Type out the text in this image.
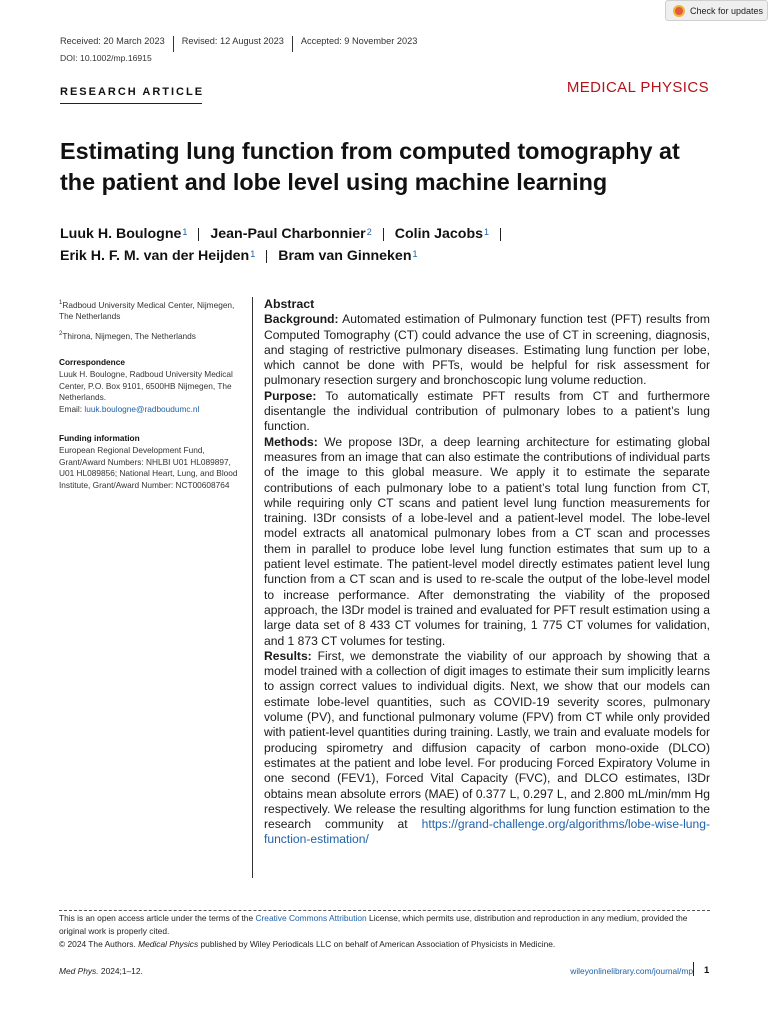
Check for updates
Received: 20 March 2023 Revised: 12 August 2023 Accepted: 9 November 2023
DOI: 10.1002/mp.16915
RESEARCH ARTICLE	MEDICAL PHYSICS
Estimating lung function from computed tomography at the patient and lobe level using machine learning
Luuk H. Boulogne$^1$ Jean-Paul Charbonnier$^2$ Colin Jacobs$^1$
Erik H. F. M. van der Heijden$^1$ Bram van Ginneken$^1$
$^1$Radboud University Medical Center, Nijmegen, The Netherlands
$^2$Thirona, Nijmegen, The Netherlands
Correspondence
Luuk H. Boulogne, Radboud University Medical Center, P.O. Box 9101, 6500HB Nijmegen, The Netherlands.
Email: luuk.boulogne@radboudumc.nl
Funding information
European Regional Development Fund, Grant/Award Numbers: NHLBI U01 HL089897, U01 HL089856; National Heart, Lung, and Blood Institute, Grant/Award Number: NCT00608764
Abstract

Background: Automated estimation of Pulmonary function test (PFT) results from Computed Tomography (CT) could advance the use of CT in screening, diagnosis, and staging of restrictive pulmonary diseases. Estimating lung function per lobe, which cannot be done with PFTs, would be helpful for risk assessment for pulmonary resection surgery and bronchoscopic lung volume reduction.

Purpose: To automatically estimate PFT results from CT and furthermore disentangle the individual contribution of pulmonary lobes to a patient’s lung function.

Methods: We propose I3Dr, a deep learning architecture for estimating global measures from an image that can also estimate the contributions of individual parts of the image to this global measure. We apply it to estimate the separate contributions of each pulmonary lobe to a patient’s total lung function from CT, while requiring only CT scans and patient level lung function measurements for training. I3Dr consists of a lobe-level and a patient-level model. The lobe-level model extracts all anatomical pulmonary lobes from a CT scan and processes them in parallel to produce lobe level lung function estimates that sum up to a patient level estimate. The patient-level model directly estimates patient level lung function from a CT scan and is used to re-scale the output of the lobe-level model to increase performance. After demonstrating the viability of the proposed approach, the I3Dr model is trained and evaluated for PFT result estimation using a large data set of 8 433 CT volumes for training, 1 775 CT volumes for validation, and 1 873 CT volumes for testing.

Results: First, we demonstrate the viability of our approach by showing that a model trained with a collection of digit images to estimate their sum implicitly learns to assign correct values to individual digits. Next, we show that our models can estimate lobe-level quantities, such as COVID-19 severity scores, pulmonary volume (PV), and functional pulmonary volume (FPV) from CT while only provided with patient-level quantities during training. Lastly, we train and evaluate models for producing spirometry and diffusion capacity of carbon mono-oxide (DLCO) estimates at the patient and lobe level. For producing Forced Expiratory Volume in one second (FEV1), Forced Vital Capacity (FVC), and DLCO estimates, I3Dr obtains mean absolute errors (MAE) of 0.377 L, 0.297 L, and 2.800 mL/min/mm Hg respectively. We release the resulting algorithms for lung function estimation to the research community at https://grand-challenge.org/algorithms/lobe-wise-lung-function-estimation/

This is an open access article under the terms of the Creative Commons Attribution License, which permits use, distribution and reproduction in any medium, provided the original work is properly cited.
© 2024 The Authors. Medical Physics published by Wiley Periodicals LLC on behalf of American Association of Physicists in Medicine.
Med Phys. 2024;1–12.	wileyonlinelibrary.com/journal/mp 1
